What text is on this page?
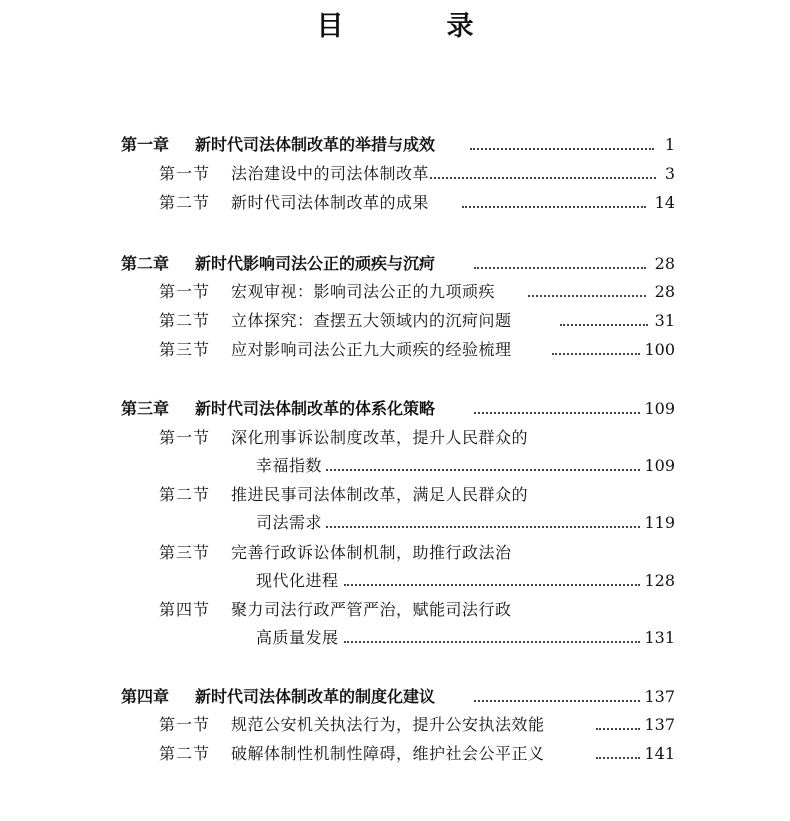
目　录
第一章 新时代司法体制改革的举措与成效	1
第一节 法治建设中的司法体制改革	3
第二节 新时代司法体制改革的成果	14
第二章 新时代影响司法公正的顽疾与沉疴	28
第一节 宏观审视：影响司法公正的九项顽疾	28
第二节 立体探究：查摆五大领域内的沉疴问题	31
第三节 应对影响司法公正九大顽疾的经验梳理	100
第三章 新时代司法体制改革的体系化策略	109
第一节 深化刑事诉讼制度改革，提升人民群众的
幸福指数	109
第二节 推进民事司法体制改革，满足人民群众的
司法需求	119
第三节 完善行政诉讼体制机制，助推行政法治
现代化进程	128
第四节 聚力司法行政严管严治，赋能司法行政
高质量发展	131
第四章 新时代司法体制改革的制度化建议	137
第一节 规范公安机关执法行为，提升公安执法效能	137
第二节 破解体制性机制性障碍，维护社会公平正义	141
